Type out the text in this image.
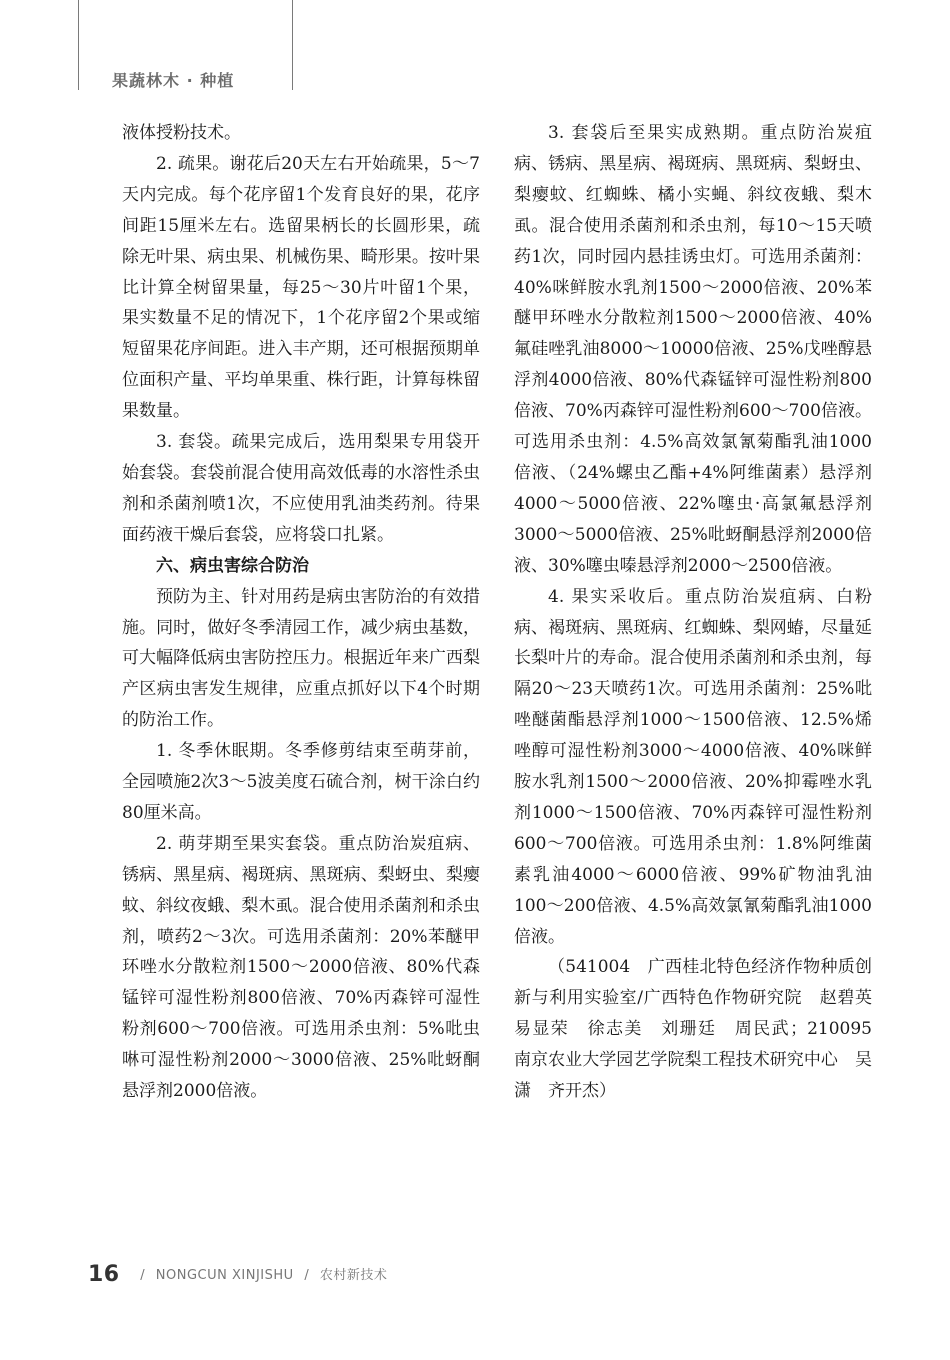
果蔬林木 · 种植

液体授粉技术。

2. 疏果。谢花后20天左右开始疏果，5～7天内完成。每个花序留1个发育良好的果，花序间距15厘米左右。选留果柄长的长圆形果，疏除无叶果、病虫果、机械伤果、畸形果。按叶果比计算全树留果量，每25～30片叶留1个果，果实数量不足的情况下，1个花序留2个果或缩短留果花序间距。进入丰产期，还可根据预期单位面积产量、平均单果重、株行距，计算每株留果数量。

3. 套袋。疏果完成后，选用梨果专用袋开始套袋。套袋前混合使用高效低毒的水溶性杀虫剂和杀菌剂喷1次，不应使用乳油类药剂。待果面药液干燥后套袋，应将袋口扎紧。

六、病虫害综合防治

预防为主、针对用药是病虫害防治的有效措施。同时，做好冬季清园工作，减少病虫基数，可大幅降低病虫害防控压力。根据近年来广西梨产区病虫害发生规律，应重点抓好以下4个时期的防治工作。

1. 冬季休眠期。冬季修剪结束至萌芽前，全园喷施2次3～5波美度石硫合剂，树干涂白约80厘米高。

2. 萌芽期至果实套袋。重点防治炭疽病、锈病、黑星病、褐斑病、黑斑病、梨蚜虫、梨瘿蚊、斜纹夜蛾、梨木虱。混合使用杀菌剂和杀虫剂，喷药2～3次。可选用杀菌剂：20%苯醚甲环唑水分散粒剂1500～2000倍液、80%代森锰锌可湿性粉剂800倍液、70%丙森锌可湿性粉剂600～700倍液。可选用杀虫剂：5%吡虫啉可湿性粉剂2000～3000倍液、25%吡蚜酮悬浮剂2000倍液。

3. 套袋后至果实成熟期。重点防治炭疽病、锈病、黑星病、褐斑病、黑斑病、梨蚜虫、梨瘿蚊、红蜘蛛、橘小实蝇、斜纹夜蛾、梨木虱。混合使用杀菌剂和杀虫剂，每10～15天喷药1次，同时园内悬挂诱虫灯。可选用杀菌剂：40%咪鲜胺水乳剂1500～2000倍液、20%苯醚甲环唑水分散粒剂1500～2000倍液、40%氟硅唑乳油8000～10000倍液、25%戊唑醇悬浮剂4000倍液、80%代森锰锌可湿性粉剂800倍液、70%丙森锌可湿性粉剂600～700倍液。可选用杀虫剂：4.5%高效氯氰菊酯乳油1000倍液、（24%螺虫乙酯+4%阿维菌素）悬浮剂4000～5000倍液、22%噻虫·高氯氟悬浮剂3000～5000倍液、25%吡蚜酮悬浮剂2000倍液、30%噻虫嗪悬浮剂2000～2500倍液。

4. 果实采收后。重点防治炭疽病、白粉病、褐斑病、黑斑病、红蜘蛛、梨网蝽，尽量延长梨叶片的寿命。混合使用杀菌剂和杀虫剂，每隔20～23天喷药1次。可选用杀菌剂：25%吡唑醚菌酯悬浮剂1000～1500倍液、12.5%烯唑醇可湿性粉剂3000～4000倍液、40%咪鲜胺水乳剂1500～2000倍液、20%抑霉唑水乳剂1000～1500倍液、70%丙森锌可湿性粉剂600～700倍液。可选用杀虫剂：1.8%阿维菌素乳油4000～6000倍液、99%矿物油乳油100～200倍液、4.5%高效氯氰菊酯乳油1000倍液。

（541004　广西桂北特色经济作物种质创新与利用实验室/广西特色作物研究院　赵碧英　易显荣　徐志美　刘珊廷　周民武；210095　南京农业大学园艺学院梨工程技术研究中心　吴潇　齐开杰）

16 / NONGCUN XINJISHU / 农村新技术
